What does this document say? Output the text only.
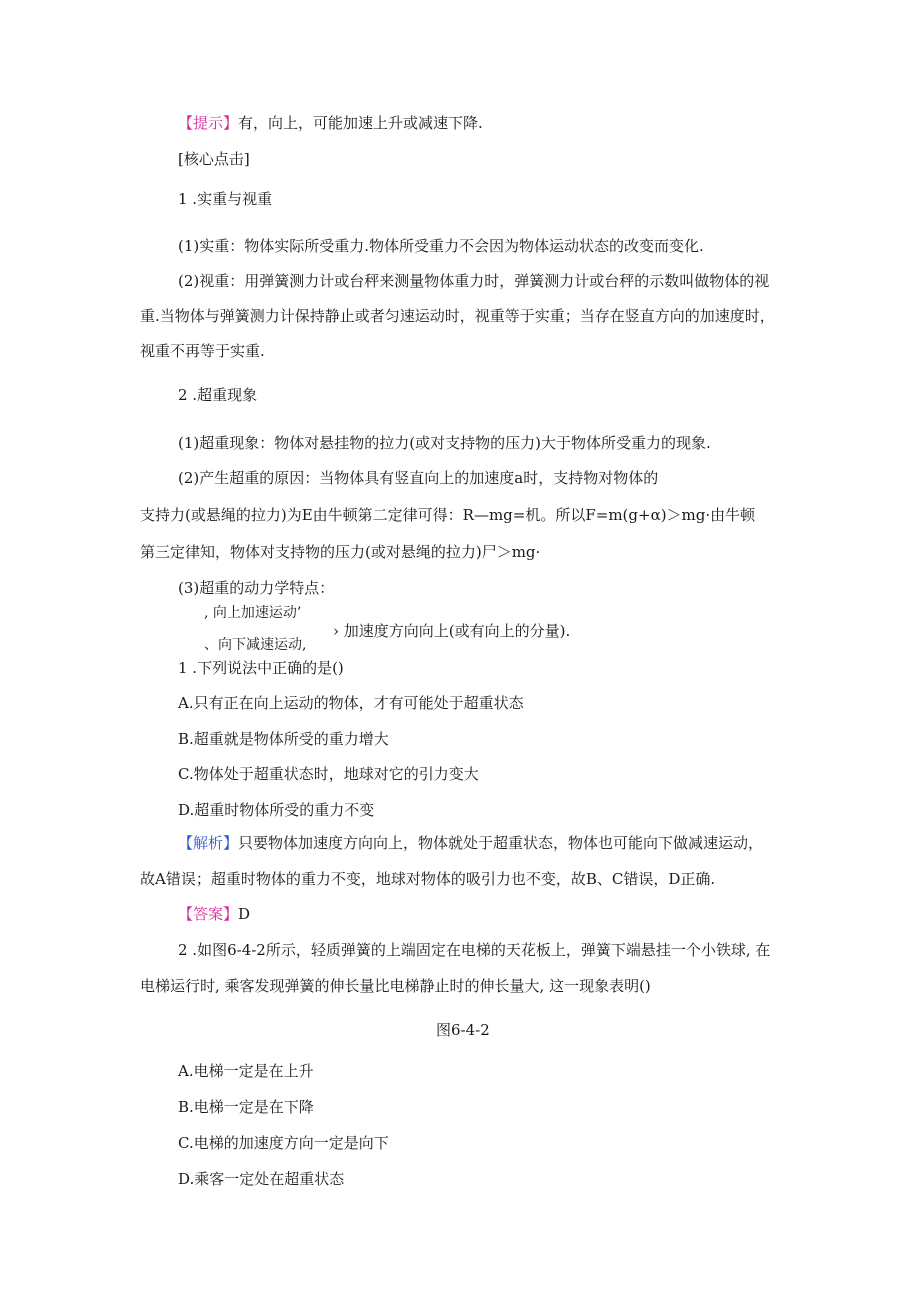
【提示】有，向上，可能加速上升或减速下降.
[核心点击]
1 .实重与视重
(1)实重：物体实际所受重力.物体所受重力不会因为物体运动状态的改变而变化.
(2)视重：用弹簧测力计或台秤来测量物体重力时，弹簧测力计或台秤的示数叫做物体的视
重.当物体与弹簧测力计保持静止或者匀速运动时，视重等于实重；当存在竖直方向的加速度时，
视重不再等于实重.
2 .超重现象
(1)超重现象：物体对悬挂物的拉力(或对支持物的压力)大于物体所受重力的现象.
(2)产生超重的原因：当物体具有竖直向上的加速度a时，支持物对物体的
支持力(或悬绳的拉力)为E由牛顿第二定律可得：R—mg=机。所以F=m(g+α)＞mg·由牛顿
第三定律知，物体对支持物的压力(或对悬绳的拉力)尸＞mg·
(3)超重的动力学特点：
, 向上加速运动’
、向下减速运动,
› 加速度方向向上(或有向上的分量).
1 .下列说法中正确的是()
A.只有正在向上运动的物体，才有可能处于超重状态
B.超重就是物体所受的重力增大
C.物体处于超重状态时，地球对它的引力变大
D.超重时物体所受的重力不变
【解析】只要物体加速度方向向上，物体就处于超重状态，物体也可能向下做减速运动，
故A错误；超重时物体的重力不变，地球对物体的吸引力也不变，故B、C错误，D正确.
【答案】D
2 .如图6-4-2所示，轻质弹簧的上端固定在电梯的天花板上，弹簧下端悬挂一个小铁球, 在
电梯运行时, 乘客发现弹簧的伸长量比电梯静止时的伸长量大, 这一现象表明()
图6-4-2
A.电梯一定是在上升
B.电梯一定是在下降
C.电梯的加速度方向一定是向下
D.乘客一定处在超重状态
